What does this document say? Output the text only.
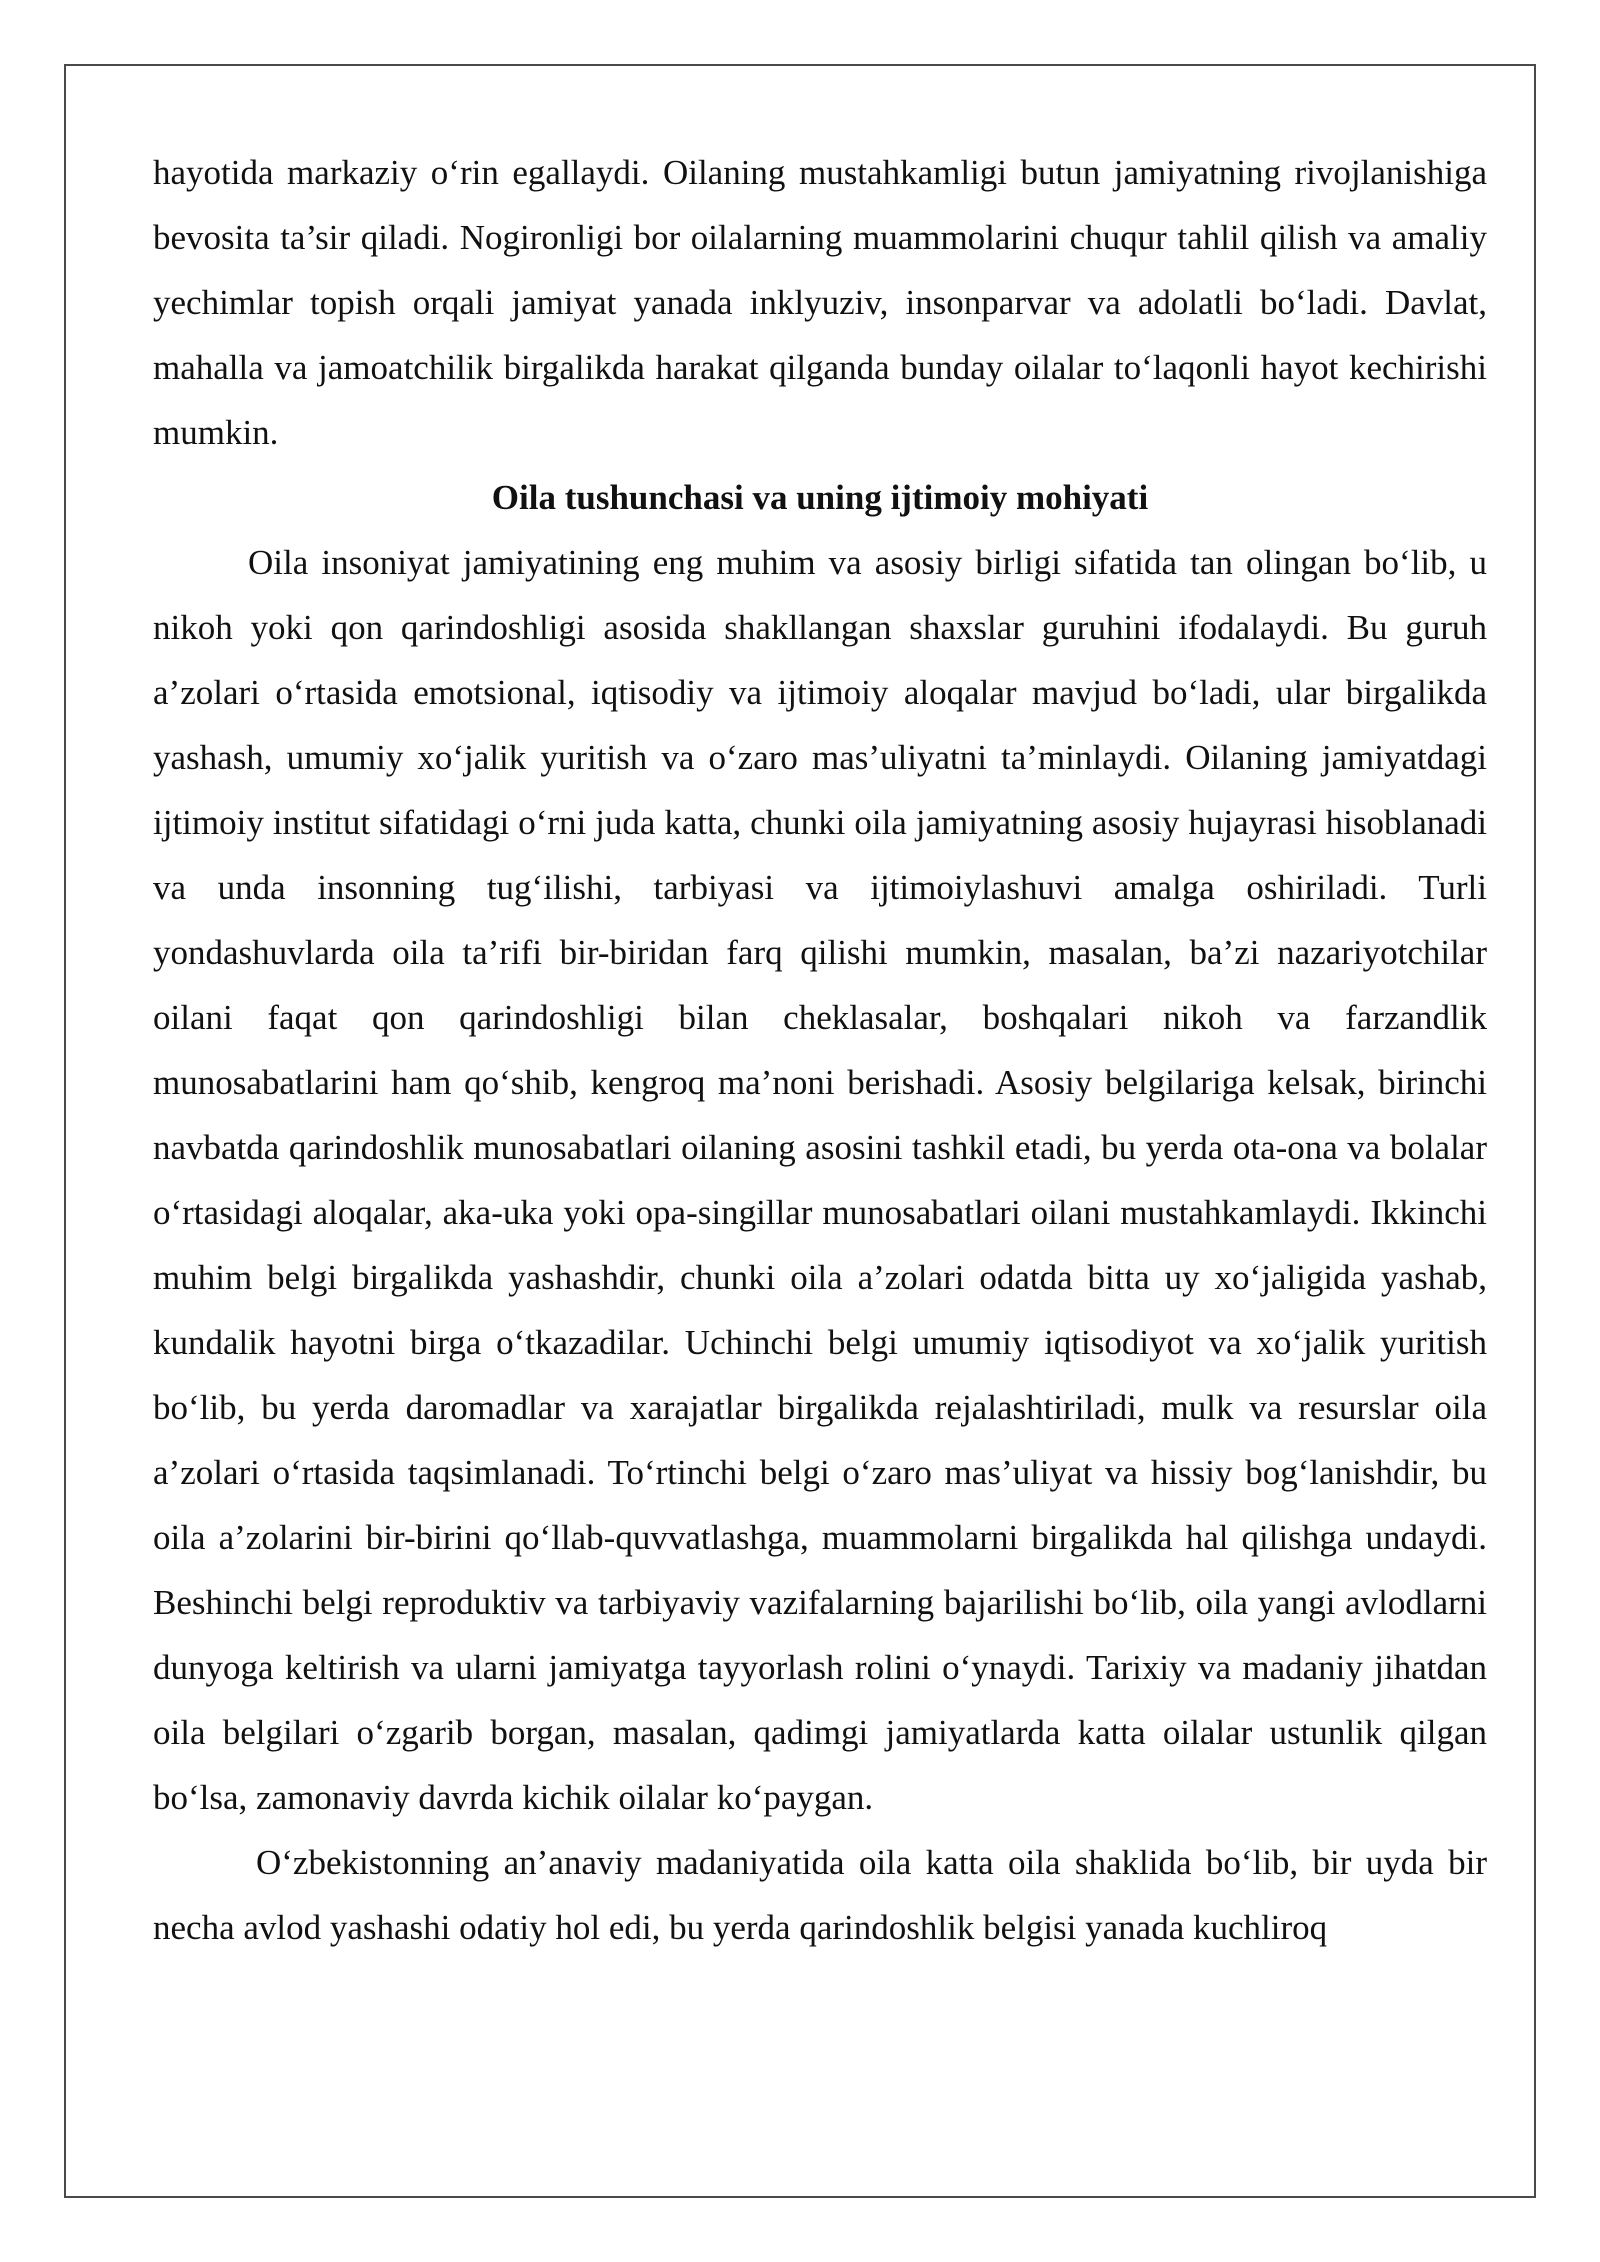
hayotida markaziy o‘rin egallaydi. Oilaning mustahkamligi butun jamiyatning rivojlanishiga bevosita ta’sir qiladi. Nogironligi bor oilalarning muammolarini chuqur tahlil qilish va amaliy yechimlar topish orqali jamiyat yanada inklyuziv, insonparvar va adolatli bo‘ladi. Davlat, mahalla va jamoatchilik birgalikda harakat qilganda bunday oilalar to‘laqonli hayot kechirishi mumkin.

Oila tushunchasi va uning ijtimoiy mohiyati

Oila insoniyat jamiyatining eng muhim va asosiy birligi sifatida tan olingan bo‘lib, u nikoh yoki qon qarindoshligi asosida shakllangan shaxslar guruhini ifodalaydi. Bu guruh a’zolari o‘rtasida emotsional, iqtisodiy va ijtimoiy aloqalar mavjud bo‘ladi, ular birgalikda yashash, umumiy xo‘jalik yuritish va o‘zaro mas’uliyatni ta’minlaydi. Oilaning jamiyatdagi ijtimoiy institut sifatidagi o‘rni juda katta, chunki oila jamiyatning asosiy hujayrasi hisoblanadi va unda insonning tug‘ilishi, tarbiyasi va ijtimoiylashuvi amalga oshiriladi. Turli yondashuvlarda oila ta’rifi bir-biridan farq qilishi mumkin, masalan, ba’zi nazariyotchilar oilani faqat qon qarindoshligi bilan cheklasalar, boshqalari nikoh va farzandlik munosabatlarini ham qo‘shib, kengroq ma’noni berishadi. Asosiy belgilariga kelsak, birinchi navbatda qarindoshlik munosabatlari oilaning asosini tashkil etadi, bu yerda ota-ona va bolalar o‘rtasidagi aloqalar, aka-uka yoki opa-singillar munosabatlari oilani mustahkamlaydi. Ikkinchi muhim belgi birgalikda yashashdir, chunki oila a’zolari odatda bitta uy xo‘jaligida yashab, kundalik hayotni birga o‘tkazadilar. Uchinchi belgi umumiy iqtisodiyot va xo‘jalik yuritish bo‘lib, bu yerda daromadlar va xarajatlar birgalikda rejalashtiriladi, mulk va resurslar oila a’zolari o‘rtasida taqsimlanadi. To‘rtinchi belgi o‘zaro mas’uliyat va hissiy bog‘lanishdir, bu oila a’zolarini bir-birini qo‘llab-quvvatlashga, muammolarni birgalikda hal qilishga undaydi. Beshinchi belgi reproduktiv va tarbiyaviy vazifalarning bajarilishi bo‘lib, oila yangi avlodlarni dunyoga keltirish va ularni jamiyatga tayyorlash rolini o‘ynaydi. Tarixiy va madaniy jihatdan oila belgilari o‘zgarib borgan, masalan, qadimgi jamiyatlarda katta oilalar ustunlik qilgan bo‘lsa, zamonaviy davrda kichik oilalar ko‘paygan.

O‘zbekistonning an’anaviy madaniyatida oila katta oila shaklida bo‘lib, bir uyda bir necha avlod yashashi odatiy hol edi, bu yerda qarindoshlik belgisi yanada kuchliroq
